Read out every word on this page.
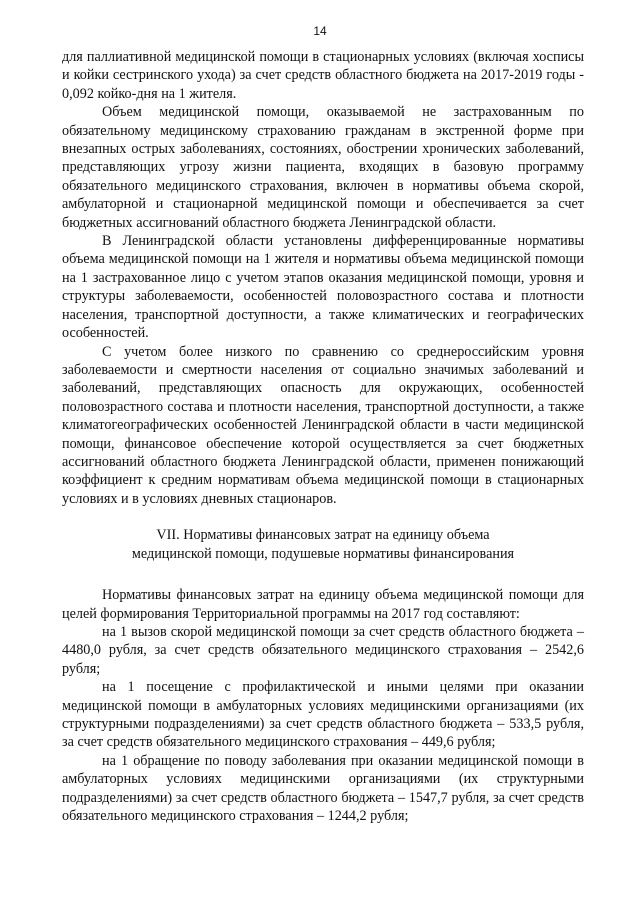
14

для паллиативной медицинской помощи в стационарных условиях (включая хосписы и койки сестринского ухода) за счет средств областного бюджета на 2017-2019 годы - 0,092 койко-дня на 1 жителя.

Объем медицинской помощи, оказываемой не застрахованным по обязательному медицинскому страхованию гражданам в экстренной форме при внезапных острых заболеваниях, состояниях, обострении хронических заболеваний, представляющих угрозу жизни пациента, входящих в базовую программу обязательного медицинского страхования, включен в нормативы объема скорой, амбулаторной и стационарной медицинской помощи и обеспечивается за счет бюджетных ассигнований областного бюджета Ленинградской области.

В Ленинградской области установлены дифференцированные нормативы объема медицинской помощи на 1 жителя и нормативы объема медицинской помощи на 1 застрахованное лицо с учетом этапов оказания медицинской помощи, уровня и структуры заболеваемости, особенностей половозрастного состава и плотности населения, транспортной доступности, а также климатических и географических особенностей.

С учетом более низкого по сравнению со среднероссийским уровня заболеваемости и смертности населения от социально значимых заболеваний и заболеваний, представляющих опасность для окружающих, особенностей половозрастного состава и плотности населения, транспортной доступности, а также климатогеографических особенностей Ленинградской области в части медицинской помощи, финансовое обеспечение которой осуществляется за счет бюджетных ассигнований областного бюджета Ленинградской области, применен понижающий коэффициент к средним нормативам объема медицинской помощи в стационарных условиях и в условиях дневных стационаров.

VII. Нормативы финансовых затрат на единицу объема
медицинской помощи, подушевые нормативы финансирования

Нормативы финансовых затрат на единицу объема медицинской помощи для целей формирования Территориальной программы на 2017 год составляют:

на 1 вызов скорой медицинской помощи за счет средств областного бюджета – 4480,0 рубля, за счет средств обязательного медицинского страхования – 2542,6 рубля;

на 1 посещение с профилактической и иными целями при оказании медицинской помощи в амбулаторных условиях медицинскими организациями (их структурными подразделениями) за счет средств областного бюджета – 533,5 рубля, за счет средств обязательного медицинского страхования – 449,6 рубля;

на 1 обращение по поводу заболевания при оказании медицинской помощи в амбулаторных условиях медицинскими организациями (их структурными подразделениями) за счет средств областного бюджета – 1547,7 рубля, за счет средств обязательного медицинского страхования – 1244,2 рубля;
